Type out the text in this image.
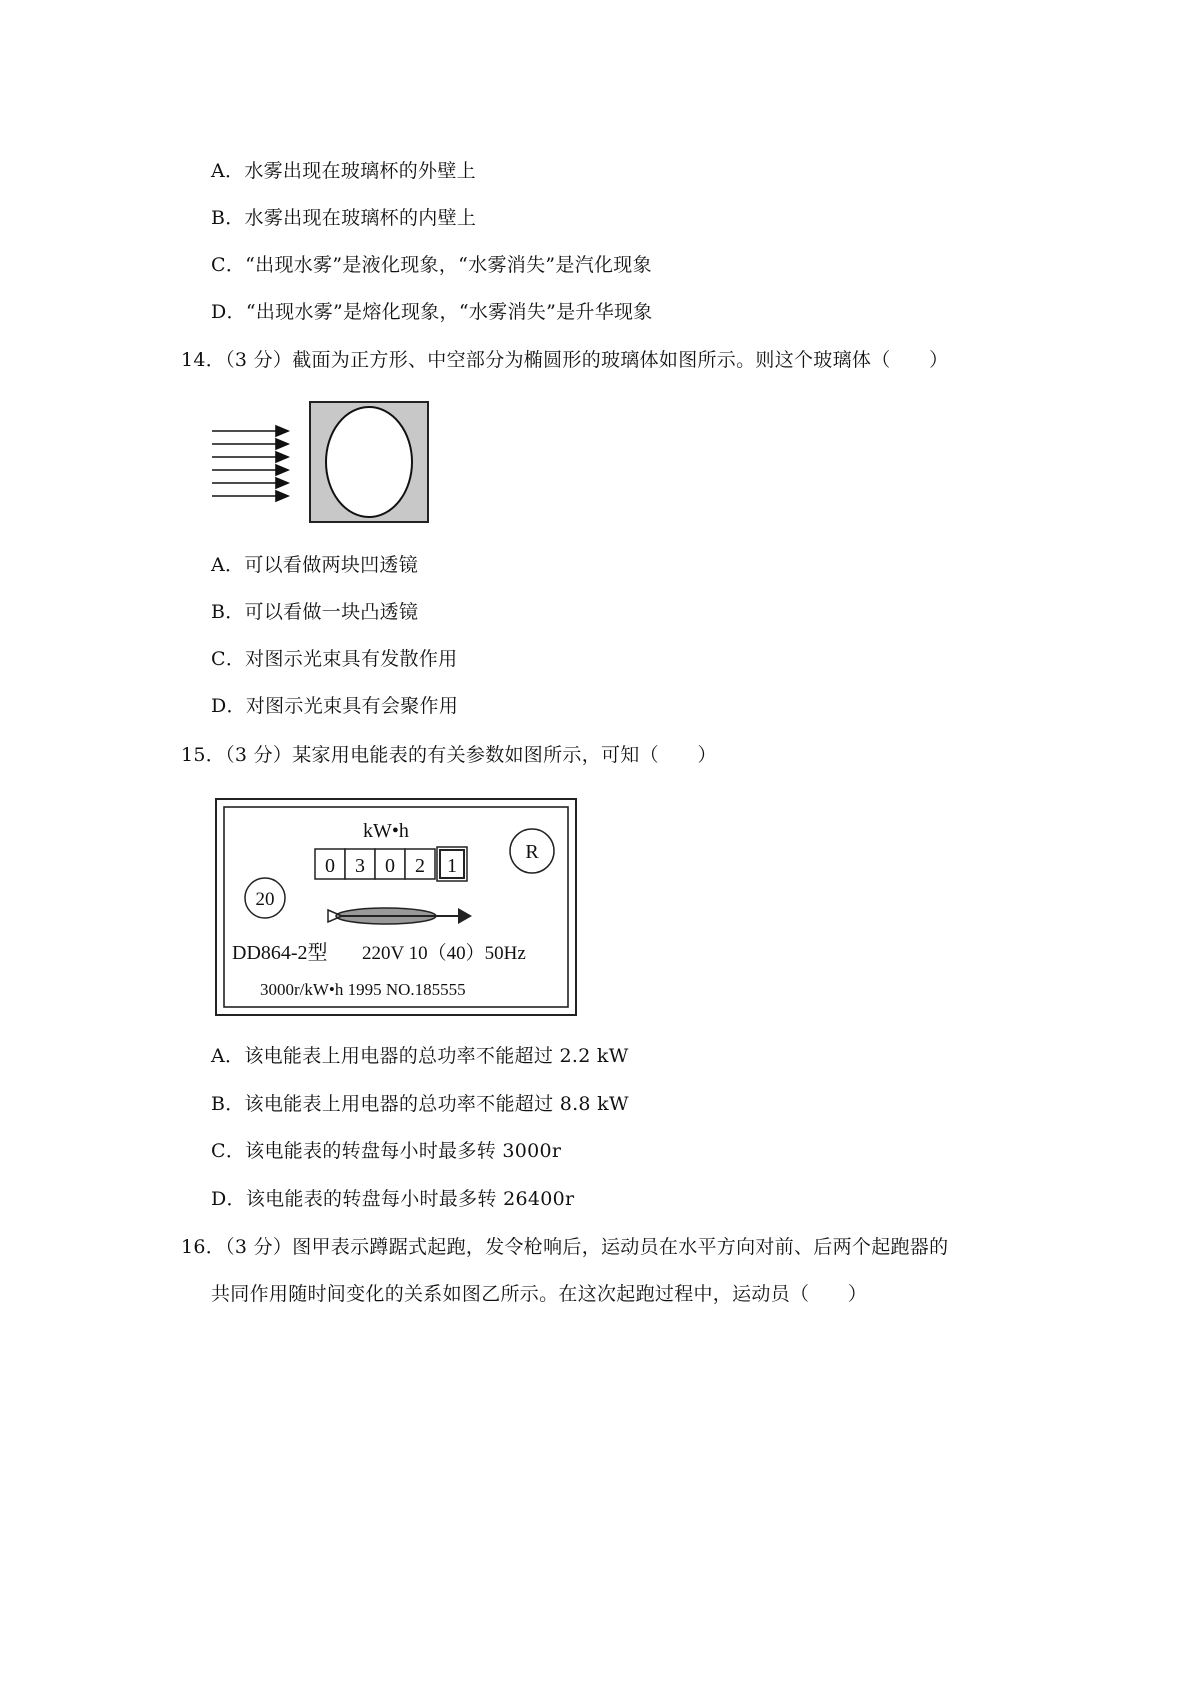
A．水雾出现在玻璃杯的外壁上
B．水雾出现在玻璃杯的内壁上
C．“出现水雾”是液化现象，“水雾消失”是汽化现象
D．“出现水雾”是熔化现象，“水雾消失”是升华现象
14．（3 分）截面为正方形、中空部分为椭圆形的玻璃体如图所示。则这个玻璃体（　　）
A．可以看做两块凹透镜
B．可以看做一块凸透镜
C．对图示光束具有发散作用
D．对图示光束具有会聚作用
15．（3 分）某家用电能表的有关参数如图所示，可知（　　）
kW•h
0 3 0 2 1
20
R
DD864-2型 220V 10（40）50Hz
3000r/kW•h 1995 NO.185555
A．该电能表上用电器的总功率不能超过 2.2 kW
B．该电能表上用电器的总功率不能超过 8.8 kW
C．该电能表的转盘每小时最多转 3000r
D．该电能表的转盘每小时最多转 26400r
16．（3 分）图甲表示蹲踞式起跑，发令枪响后，运动员在水平方向对前、后两个起跑器的
共同作用随时间变化的关系如图乙所示。在这次起跑过程中，运动员（　　）
